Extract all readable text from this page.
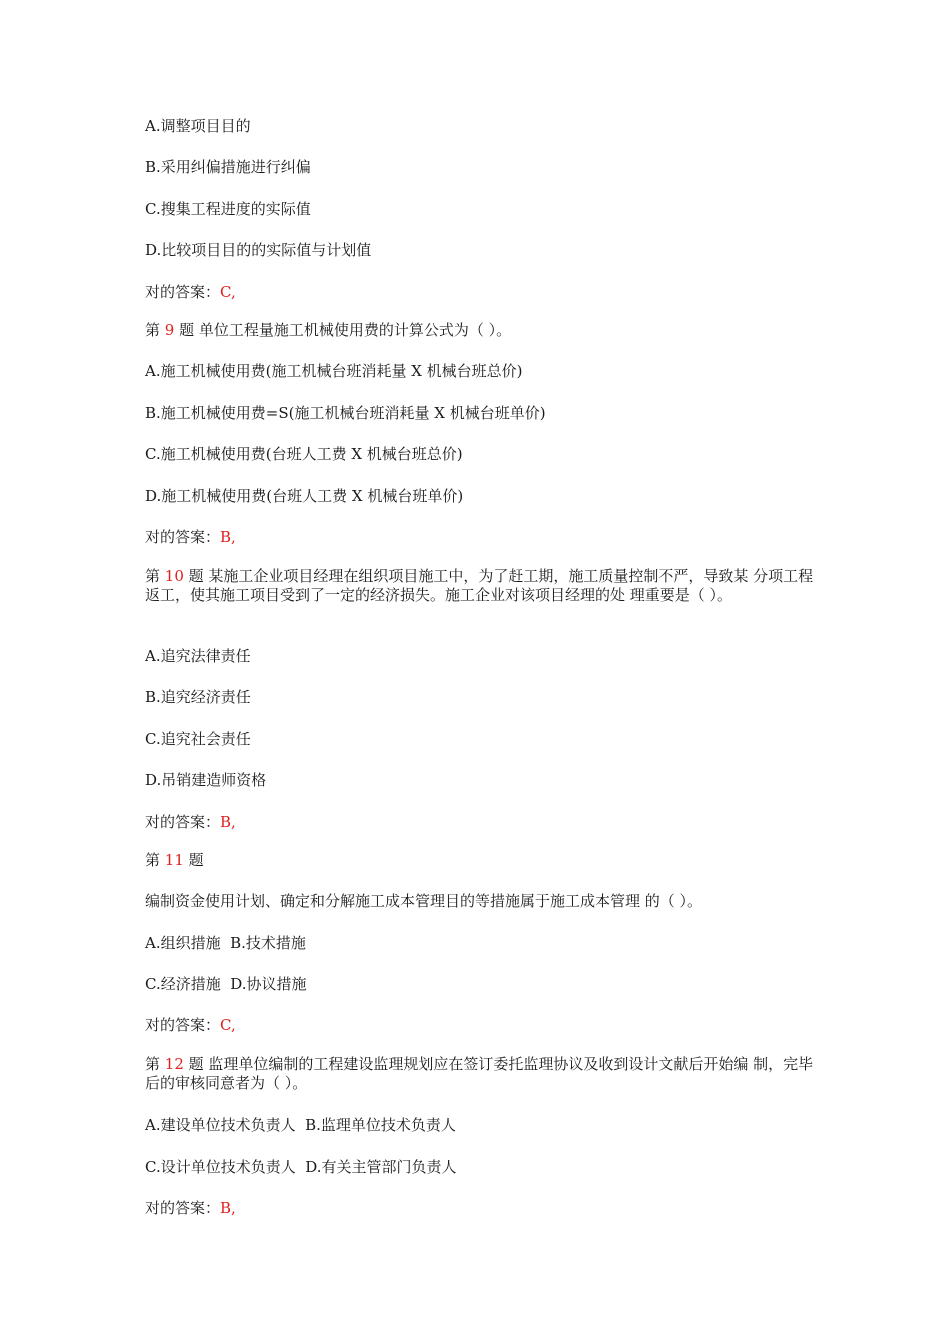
A.调整项目目的
B.采用纠偏措施进行纠偏
C.搜集工程进度的实际值
D.比较项目目的的实际值与计划值
对的答案：C,
第 9 题 单位工程量施工机械使用费的计算公式为（ ）。
A.施工机械使用费(施工机械台班消耗量 X 机械台班总价)
B.施工机械使用费=S(施工机械台班消耗量 X 机械台班单价)
C.施工机械使用费(台班人工费 X 机械台班总价)
D.施工机械使用费(台班人工费 X 机械台班单价)
对的答案：B,
第 10 题 某施工企业项目经理在组织项目施工中，为了赶工期，施工质量控制不严，导致某 分项工程返工，使其施工项目受到了一定的经济损失。施工企业对该项目经理的处 理重要是（ ）。
A.追究法律责任
B.追究经济责任
C.追究社会责任
D.吊销建造师资格
对的答案：B,
第 11 题
编制资金使用计划、确定和分解施工成本管理目的等措施属于施工成本管理 的（ ）。
A.组织措施  B.技术措施
C.经济措施  D.协议措施
对的答案：C,
第 12 题 监理单位编制的工程建设监理规划应在签订委托监理协议及收到设计文献后开始编 制，完毕后的审核同意者为（ ）。
A.建设单位技术负责人  B.监理单位技术负责人
C.设计单位技术负责人  D.有关主管部门负责人
对的答案：B,
